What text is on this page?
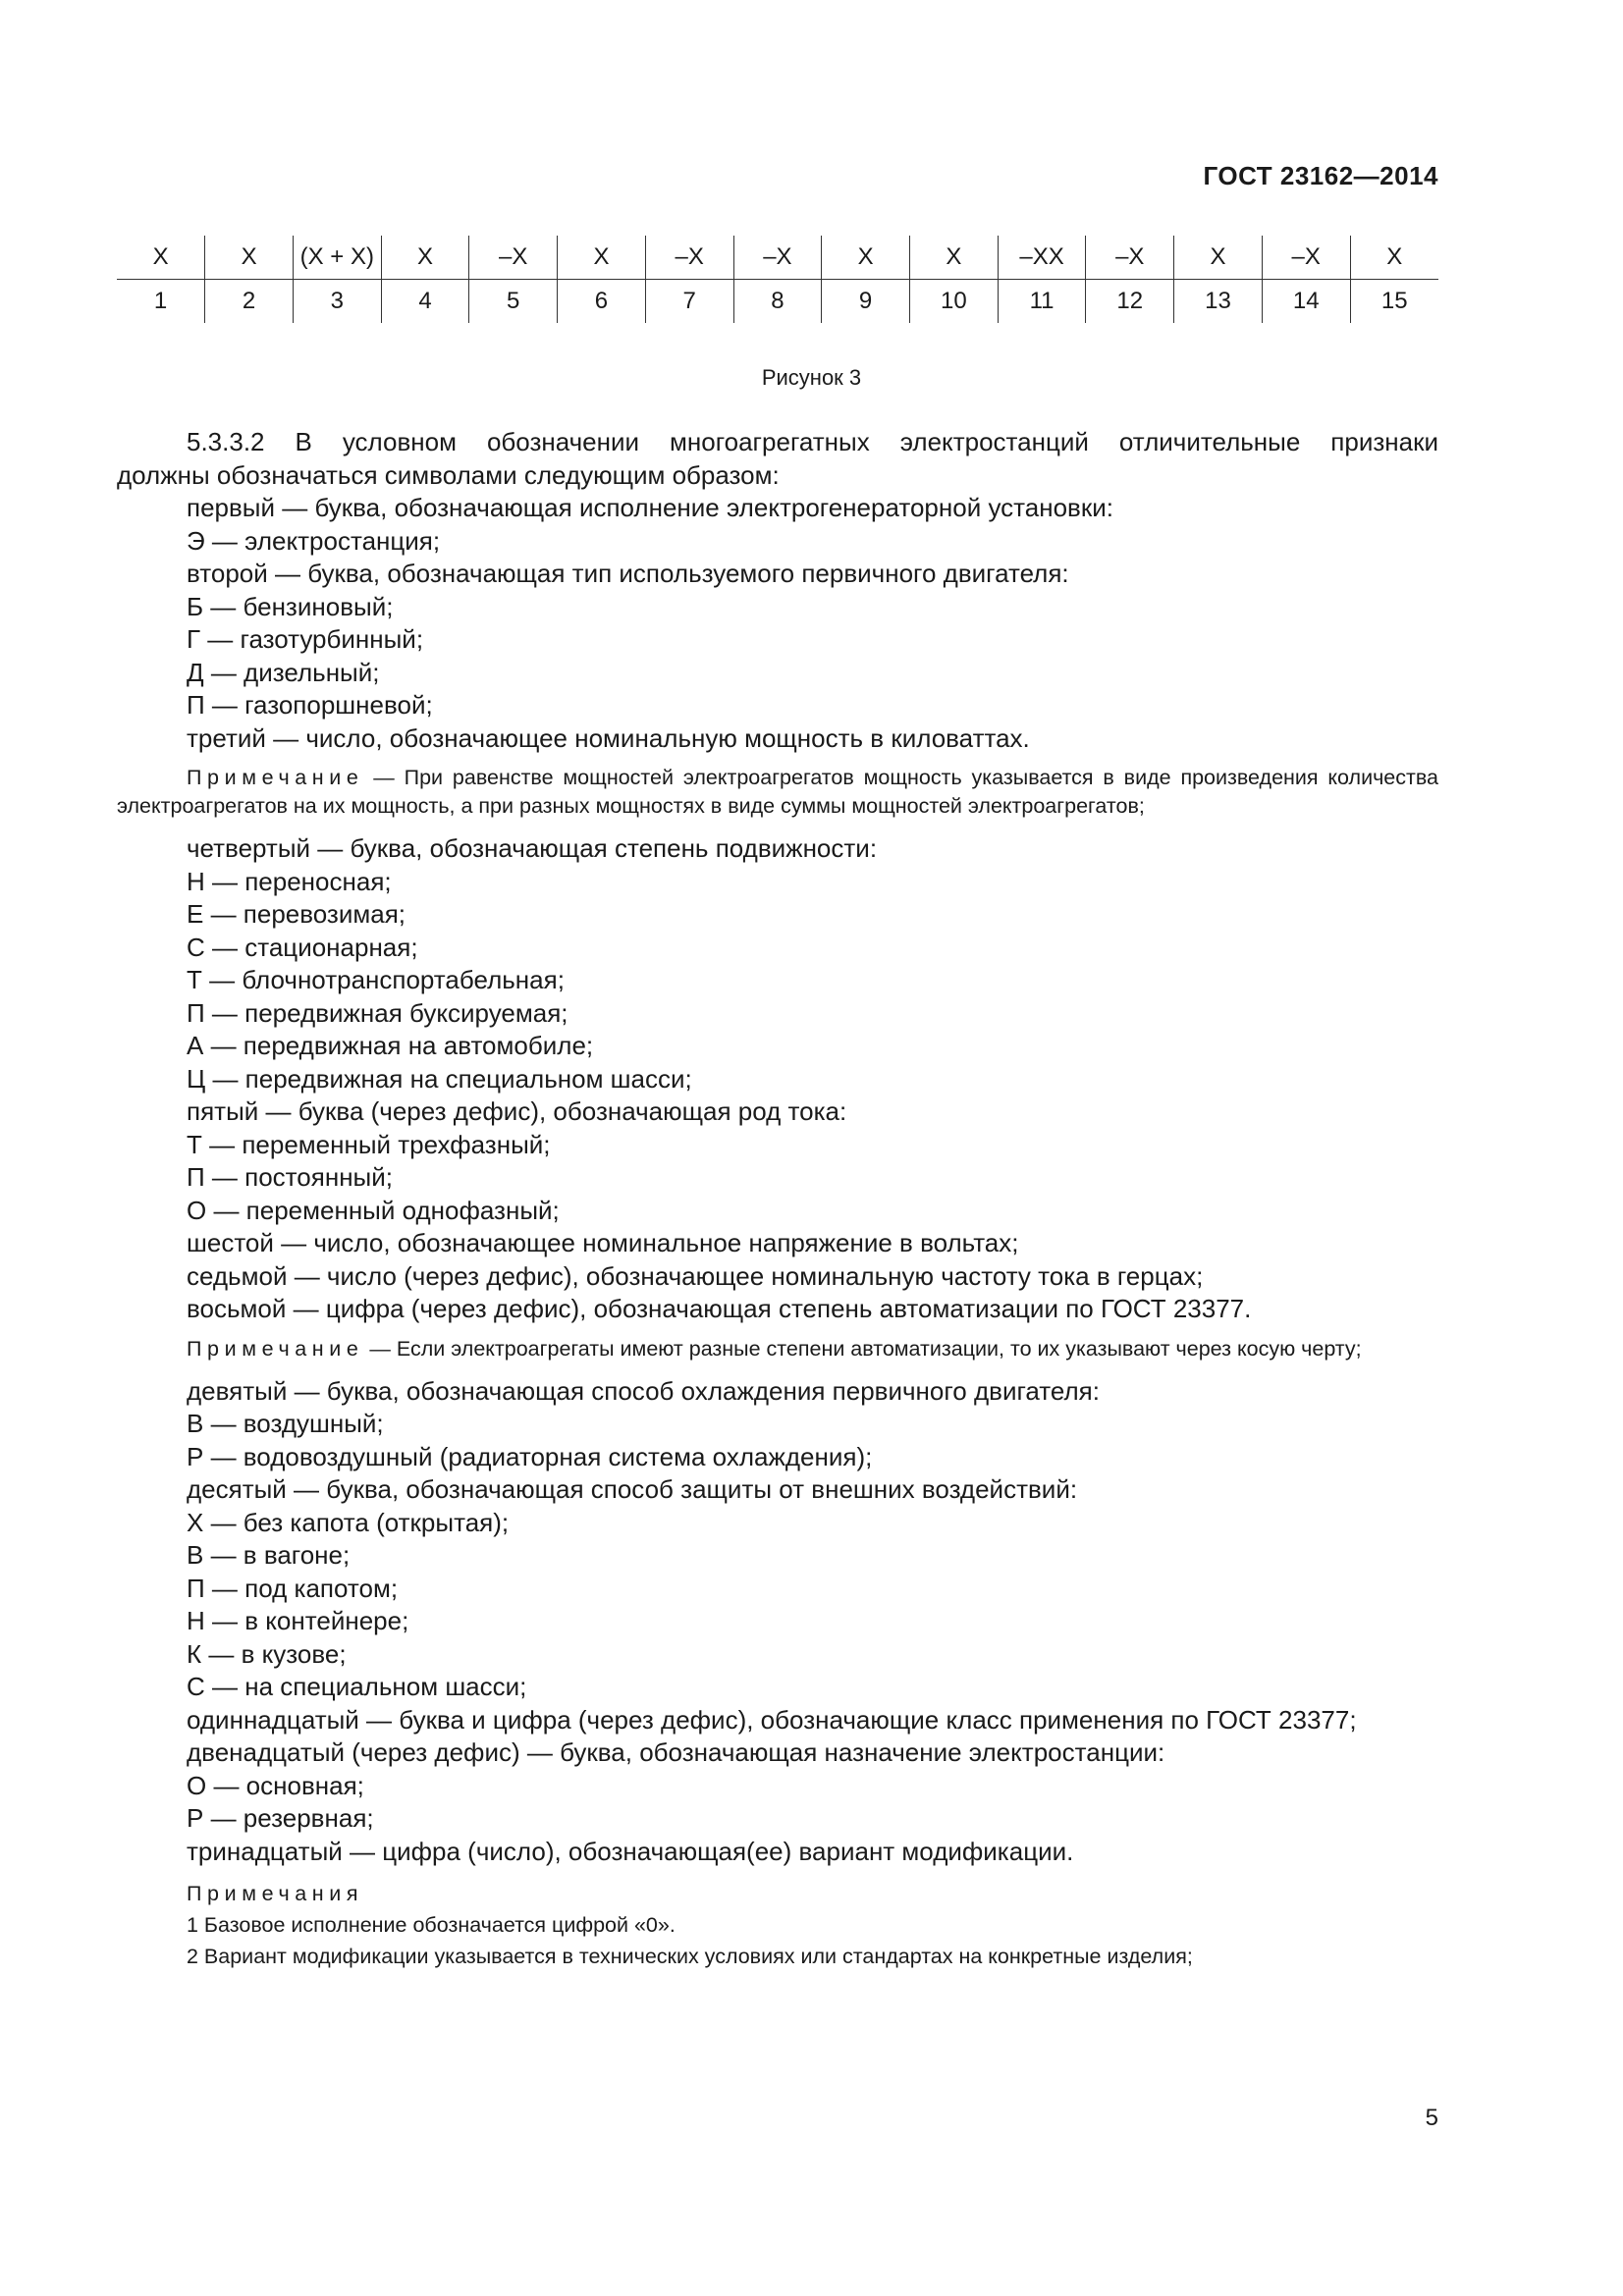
ГОСТ 23162—2014
X	X	(X + X)	X	–X	X	–X	–X	X	X	–XX	–X	X	–X	X
1	2	3	4	5	6	7	8	9	10	11	12	13	14	15
Рисунок 3

5.3.3.2 В условном обозначении многоагрегатных электростанций отличительные признаки

должны обозначаться символами следующим образом:

первый — буква, обозначающая исполнение электрогенераторной установки:

Э — электростанция;

второй — буква, обозначающая тип используемого первичного двигателя:

Б — бензиновый;

Г — газотурбинный;

Д — дизельный;

П — газопоршневой;

третий — число, обозначающее номинальную мощность в киловаттах.

Примечание — При равенстве мощностей электроагрегатов мощность указывается в виде произведения количества электроагрегатов на их мощность, а при разных мощностях в виде суммы мощностей электроагрегатов;

четвертый — буква, обозначающая степень подвижности:

Н — переносная;

Е — перевозимая;

С — стационарная;

Т — блочнотранспортабельная;

П — передвижная буксируемая;

А — передвижная на автомобиле;

Ц — передвижная на специальном шасси;

пятый — буква (через дефис), обозначающая род тока:

Т — переменный трехфазный;

П — постоянный;

О — переменный однофазный;

шестой — число, обозначающее номинальное напряжение в вольтах;

седьмой — число (через дефис), обозначающее номинальную частоту тока в герцах;

восьмой — цифра (через дефис), обозначающая степень автоматизации по ГОСТ 23377.

Примечание — Если электроагрегаты имеют разные степени автоматизации, то их указывают через косую черту;

девятый — буква, обозначающая способ охлаждения первичного двигателя:

В — воздушный;

Р — водовоздушный (радиаторная система охлаждения);

десятый — буква, обозначающая способ защиты от внешних воздействий:

Х — без капота (открытая);

В — в вагоне;

П — под капотом;

Н — в контейнере;

К — в кузове;

С — на специальном шасси;

одиннадцатый — буква и цифра (через дефис), обозначающие класс применения по ГОСТ 23377;

двенадцатый (через дефис) — буква, обозначающая назначение электростанции:

О — основная;

Р — резервная;

тринадцатый — цифра (число), обозначающая(ее) вариант модификации.

Примечания
1 Базовое исполнение обозначается цифрой «0».
2 Вариант модификации указывается в технических условиях или стандартах на конкретные изделия;
5
